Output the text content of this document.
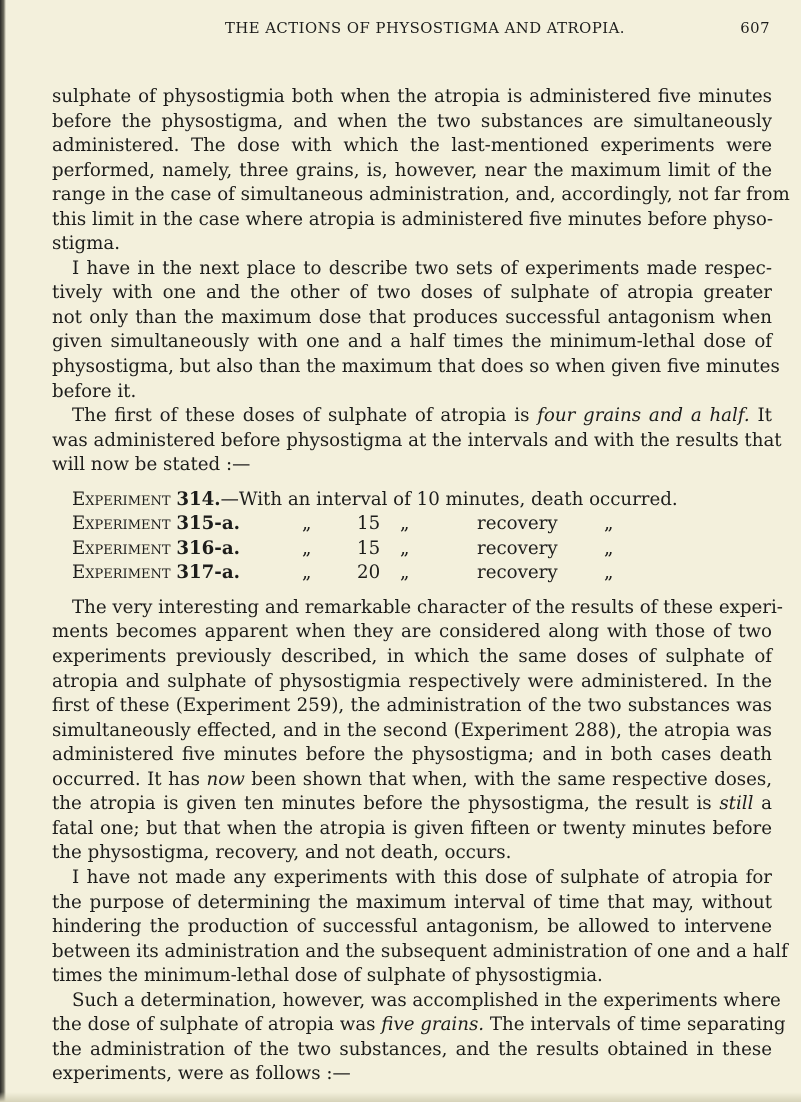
THE ACTIONS OF PHYSOSTIGMA AND ATROPIA.	607
sulphate of physostigmia both when the atropia is administered five minutes
before the physostigma, and when the two substances are simultaneously
administered. The dose with which the last-mentioned experiments were
performed, namely, three grains, is, however, near the maximum limit of the
range in the case of simultaneous administration, and, accordingly, not far from
this limit in the case where atropia is administered five minutes before physo-
stigma.
I have in the next place to describe two sets of experiments made respec-
tively with one and the other of two doses of sulphate of atropia greater
not only than the maximum dose that produces successful antagonism when
given simultaneously with one and a half times the minimum-lethal dose of
physostigma, but also than the maximum that does so when given five minutes
before it.
The first of these doses of sulphate of atropia is four grains and a half. It
was administered before physostigma at the intervals and with the results that
will now be stated :—
Experiment 314.—With an interval of 10 minutes, death occurred.
Experiment 315-a.	„	15 „	recovery	„
Experiment 316-a.	„	15 „	recovery	„
Experiment 317-a.	„	20 „	recovery	„
The very interesting and remarkable character of the results of these experi-
ments becomes apparent when they are considered along with those of two
experiments previously described, in which the same doses of sulphate of
atropia and sulphate of physostigmia respectively were administered. In the
first of these (Experiment 259), the administration of the two substances was
simultaneously effected, and in the second (Experiment 288), the atropia was
administered five minutes before the physostigma; and in both cases death
occurred. It has now been shown that when, with the same respective doses,
the atropia is given ten minutes before the physostigma, the result is still a
fatal one; but that when the atropia is given fifteen or twenty minutes before
the physostigma, recovery, and not death, occurs.
I have not made any experiments with this dose of sulphate of atropia for
the purpose of determining the maximum interval of time that may, without
hindering the production of successful antagonism, be allowed to intervene
between its administration and the subsequent administration of one and a half
times the minimum-lethal dose of sulphate of physostigmia.
Such a determination, however, was accomplished in the experiments where
the dose of sulphate of atropia was five grains. The intervals of time separating
the administration of the two substances, and the results obtained in these
experiments, were as follows :—
